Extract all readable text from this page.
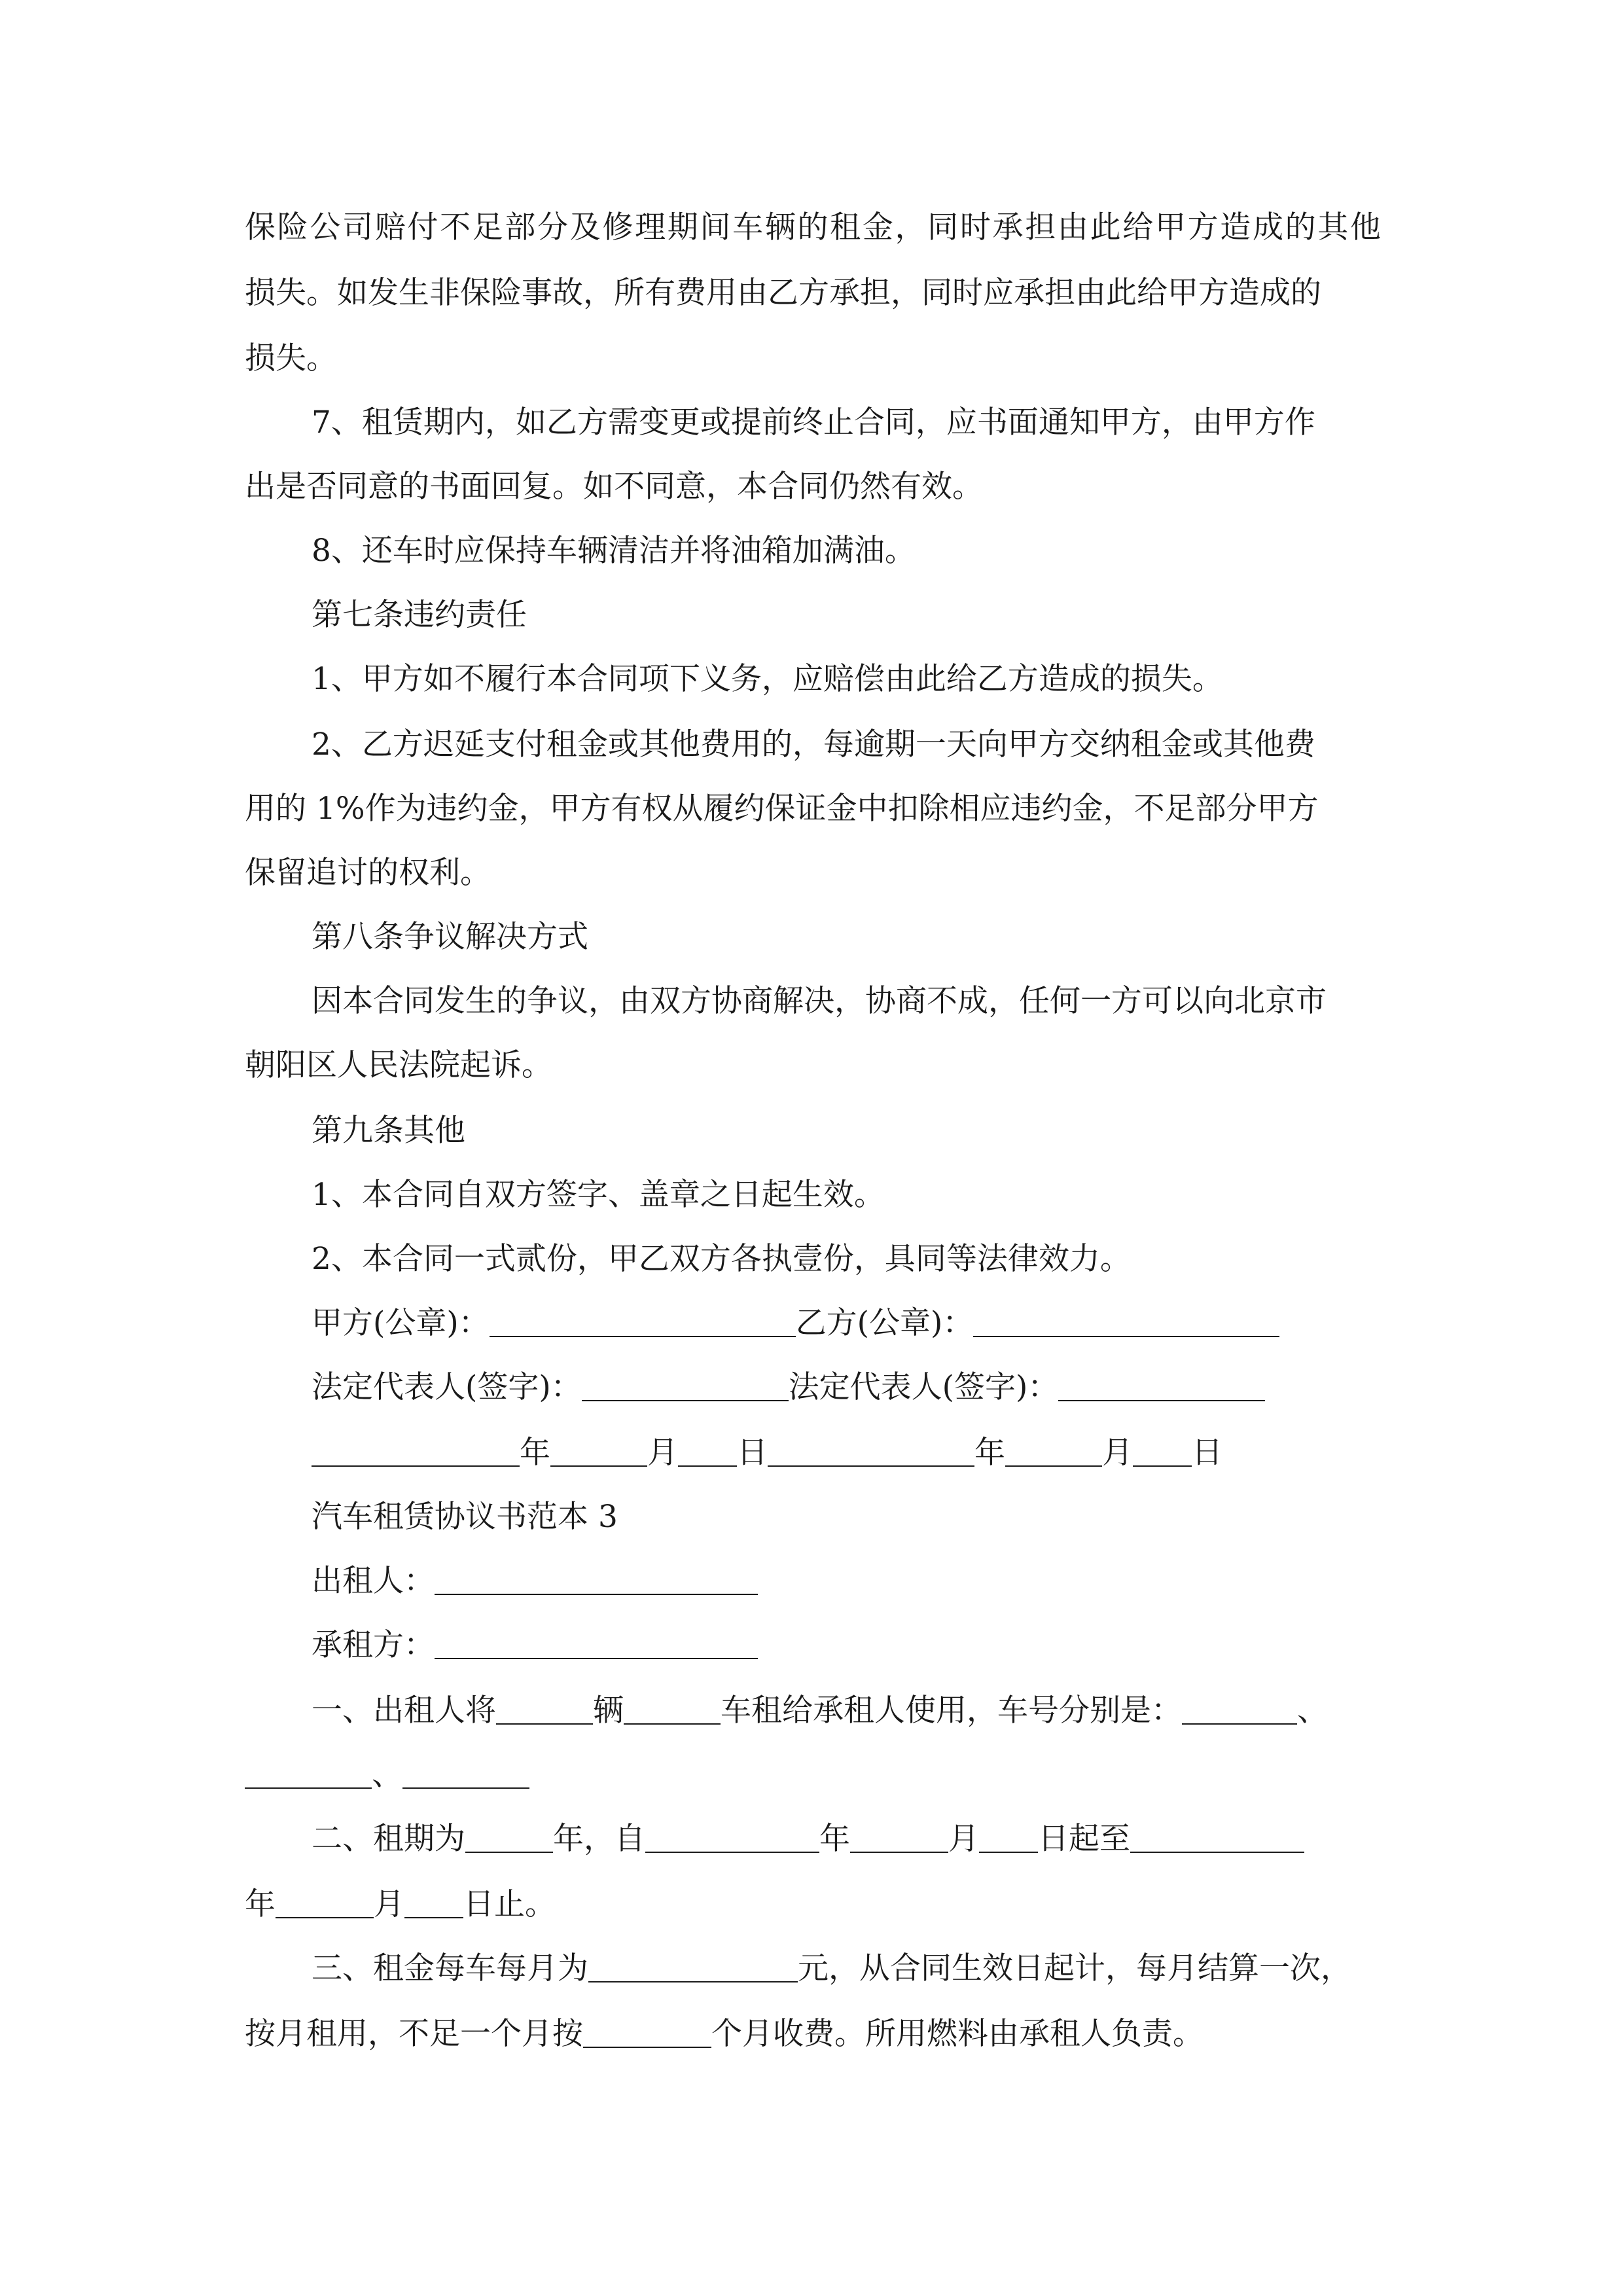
保险公司赔付不足部分及修理期间车辆的租金，同时承担由此给甲方造成的其他
损失。如发生非保险事故，所有费用由乙方承担，同时应承担由此给甲方造成的
损失。
7、租赁期内，如乙方需变更或提前终止合同，应书面通知甲方，由甲方作
出是否同意的书面回复。如不同意，本合同仍然有效。
8、还车时应保持车辆清洁并将油箱加满油。
第七条违约责任
1、甲方如不履行本合同项下义务，应赔偿由此给乙方造成的损失。
2、乙方迟延支付租金或其他费用的，每逾期一天向甲方交纳租金或其他费
用的 1%作为违约金，甲方有权从履约保证金中扣除相应违约金，不足部分甲方
保留追讨的权利。
第八条争议解决方式
因本合同发生的争议，由双方协商解决，协商不成，任何一方可以向北京市
朝阳区人民法院起诉。
第九条其他
1、本合同自双方签字、盖章之日起生效。
2、本合同一式贰份，甲乙双方各执壹份，具同等法律效力。
甲方(公章)：	乙方(公章)：
法定代表人(签字)：	法定代表人(签字)：
年	月 日	年	月 日
汽车租赁协议书范本 3
出租人：
承租方：
一、出租人将	辆	车租给承租人使用，车号分别是：	、
、
二、租期为	年，自	年	月 日起至
年	月 日止。
三、租金每车每月为	元，从合同生效日起计，每月结算一次，
按月租用，不足一个月按	个月收费。所用燃料由承租人负责。
